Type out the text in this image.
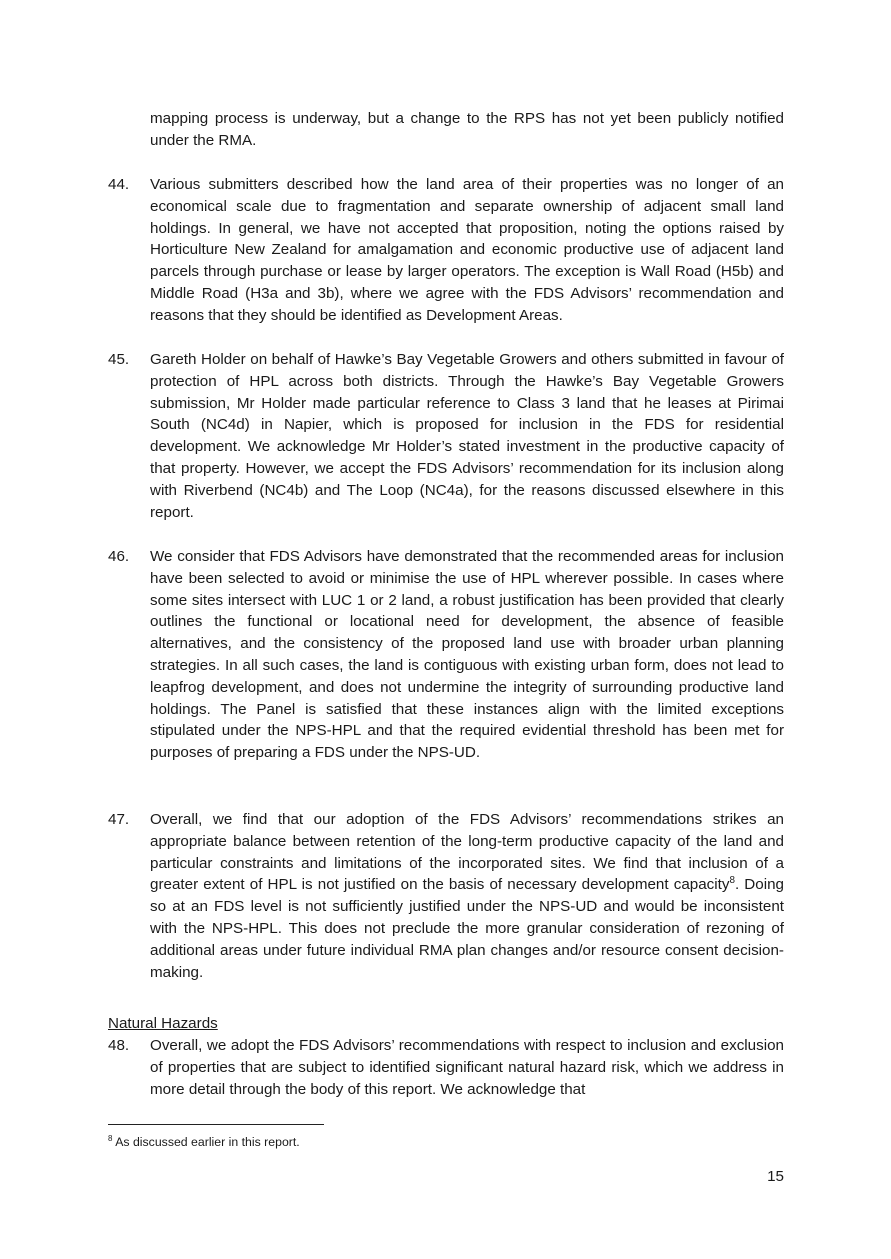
mapping process is underway, but a change to the RPS has not yet been publicly notified under the RMA.
44.	Various submitters described how the land area of their properties was no longer of an economical scale due to fragmentation and separate ownership of adjacent small land holdings. In general, we have not accepted that proposition, noting the options raised by Horticulture New Zealand for amalgamation and economic productive use of adjacent land parcels through purchase or lease by larger operators. The exception is Wall Road (H5b) and Middle Road (H3a and 3b), where we agree with the FDS Advisors’ recommendation and reasons that they should be identified as Development Areas.
45.	Gareth Holder on behalf of Hawke’s Bay Vegetable Growers and others submitted in favour of protection of HPL across both districts. Through the Hawke’s Bay Vegetable Growers submission, Mr Holder made particular reference to Class 3 land that he leases at Pirimai South (NC4d) in Napier, which is proposed for inclusion in the FDS for residential development. We acknowledge Mr Holder’s stated investment in the productive capacity of that property. However, we accept the FDS Advisors’ recommendation for its inclusion along with Riverbend (NC4b) and The Loop (NC4a), for the reasons discussed elsewhere in this report.
46.	We consider that FDS Advisors have demonstrated that the recommended areas for inclusion have been selected to avoid or minimise the use of HPL wherever possible. In cases where some sites intersect with LUC 1 or 2 land, a robust justification has been provided that clearly outlines the functional or locational need for development, the absence of feasible alternatives, and the consistency of the proposed land use with broader urban planning strategies. In all such cases, the land is contiguous with existing urban form, does not lead to leapfrog development, and does not undermine the integrity of surrounding productive land holdings. The Panel is satisfied that these instances align with the limited exceptions stipulated under the NPS-HPL and that the required evidential threshold has been met for purposes of preparing a FDS under the NPS-UD.
47.	Overall, we find that our adoption of the FDS Advisors’ recommendations strikes an appropriate balance between retention of the long-term productive capacity of the land and particular constraints and limitations of the incorporated sites. We find that inclusion of a greater extent of HPL is not justified on the basis of necessary development capacity$^8$. Doing so at an FDS level is not sufficiently justified under the NPS-UD and would be inconsistent with the NPS-HPL. This does not preclude the more granular consideration of rezoning of additional areas under future individual RMA plan changes and/or resource consent decision-making.
Natural Hazards
48.	Overall, we adopt the FDS Advisors’ recommendations with respect to inclusion and exclusion of properties that are subject to identified significant natural hazard risk, which we address in more detail through the body of this report. We acknowledge that
$^8$ As discussed earlier in this report.
15
